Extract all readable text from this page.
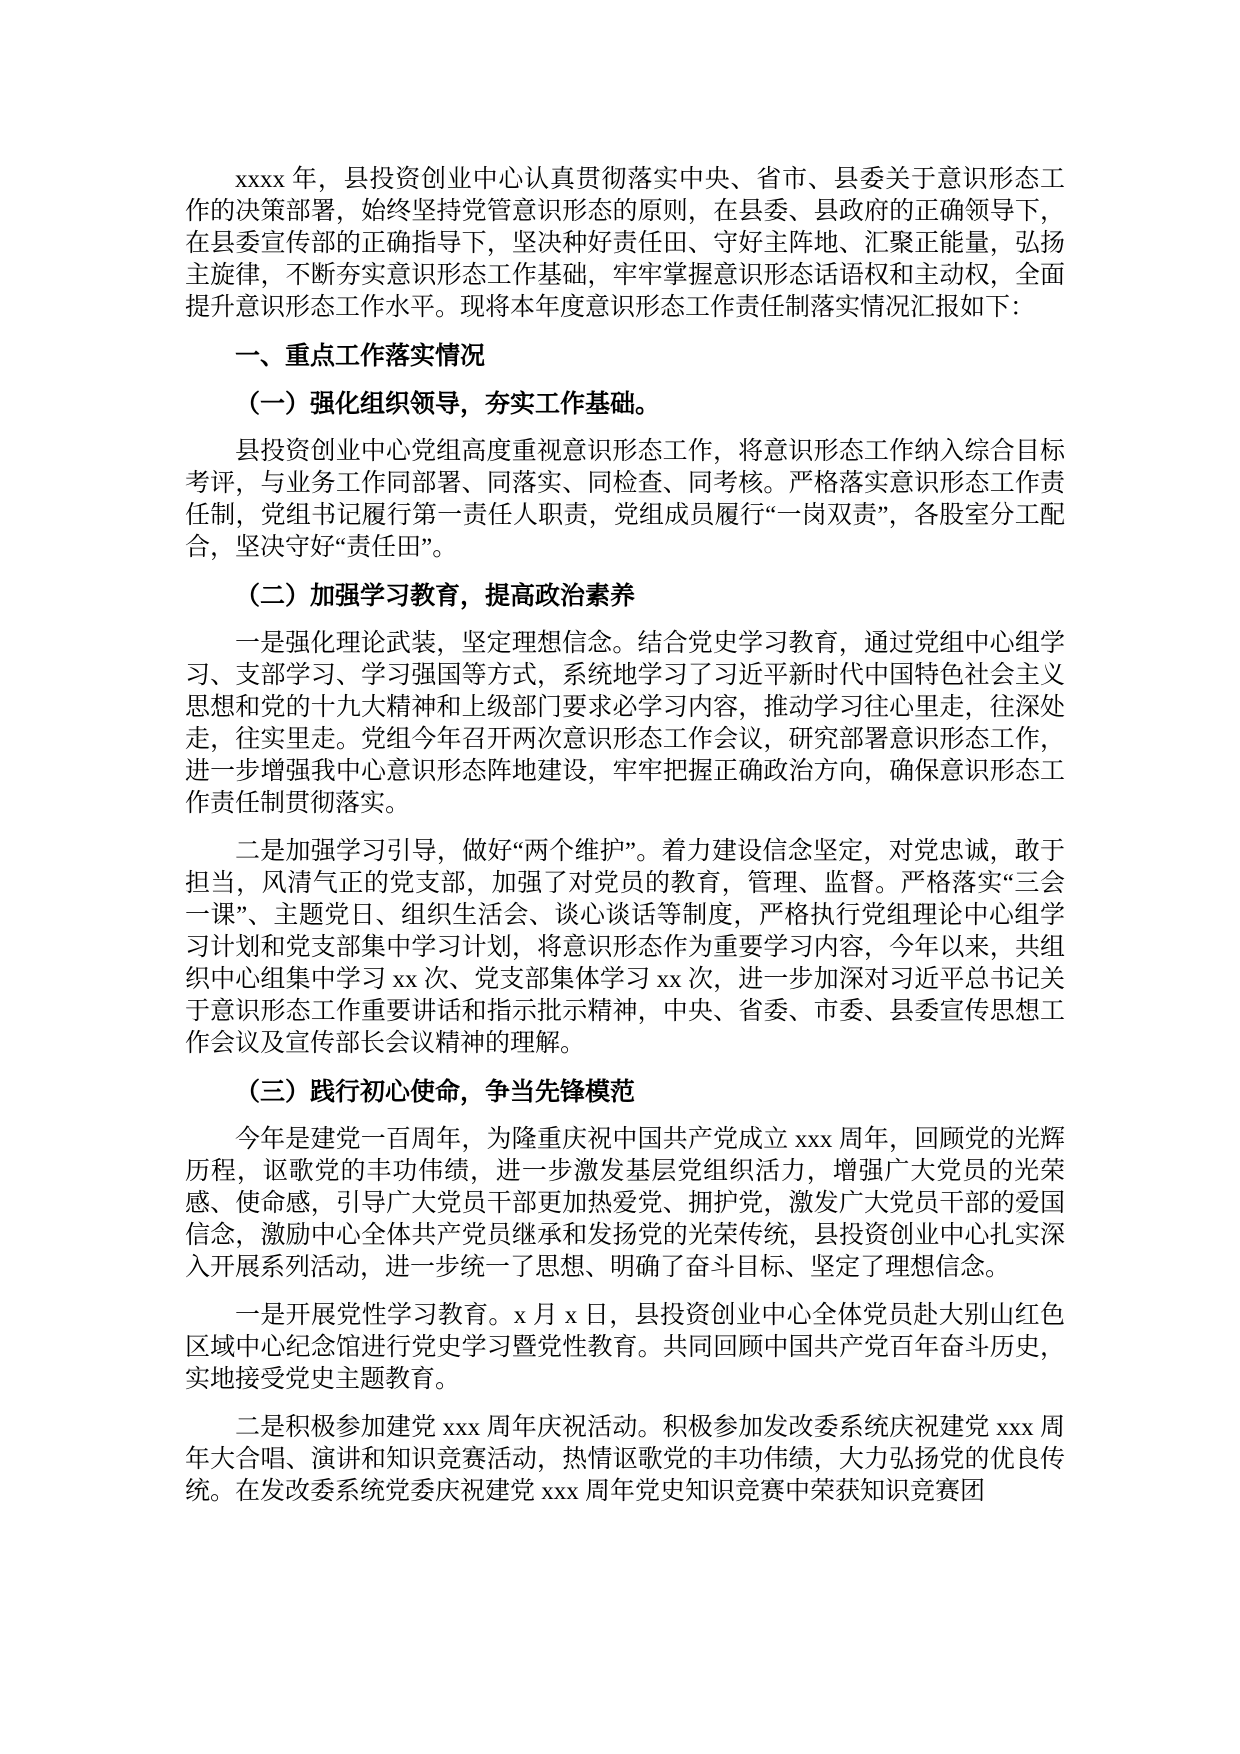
xxxx 年，县投资创业中心认真贯彻落实中央、省市、县委关于意识形态工作的决策部署，始终坚持党管意识形态的原则，在县委、县政府的正确领导下，在县委宣传部的正确指导下，坚决种好责任田、守好主阵地、汇聚正能量，弘扬主旋律，不断夯实意识形态工作基础，牢牢掌握意识形态话语权和主动权，全面提升意识形态工作水平。现将本年度意识形态工作责任制落实情况汇报如下：

一、重点工作落实情况
（一）强化组织领导，夯实工作基础。

县投资创业中心党组高度重视意识形态工作，将意识形态工作纳入综合目标考评，与业务工作同部署、同落实、同检查、同考核。严格落实意识形态工作责任制，党组书记履行第一责任人职责，党组成员履行“一岗双责”，各股室分工配合，坚决守好“责任田”。

（二）加强学习教育，提高政治素养

一是强化理论武装，坚定理想信念。结合党史学习教育，通过党组中心组学习、支部学习、学习强国等方式，系统地学习了习近平新时代中国特色社会主义思想和党的十九大精神和上级部门要求必学习内容，推动学习往心里走，往深处走，往实里走。党组今年召开两次意识形态工作会议，研究部署意识形态工作，进一步增强我中心意识形态阵地建设，牢牢把握正确政治方向，确保意识形态工作责任制贯彻落实。

二是加强学习引导，做好“两个维护”。着力建设信念坚定，对党忠诚，敢于担当，风清气正的党支部，加强了对党员的教育，管理、监督。严格落实“三会一课”、主题党日、组织生活会、谈心谈话等制度，严格执行党组理论中心组学习计划和党支部集中学习计划，将意识形态作为重要学习内容，今年以来，共组织中心组集中学习 xx 次、党支部集体学习 xx 次，进一步加深对习近平总书记关于意识形态工作重要讲话和指示批示精神，中央、省委、市委、县委宣传思想工作会议及宣传部长会议精神的理解。

（三）践行初心使命，争当先锋模范

今年是建党一百周年，为隆重庆祝中国共产党成立 xxx 周年，回顾党的光辉历程，讴歌党的丰功伟绩，进一步激发基层党组织活力，增强广大党员的光荣感、使命感，引导广大党员干部更加热爱党、拥护党，激发广大党员干部的爱国信念，激励中心全体共产党员继承和发扬党的光荣传统，县投资创业中心扎实深入开展系列活动，进一步统一了思想、明确了奋斗目标、坚定了理想信念。

一是开展党性学习教育。x 月 x 日，县投资创业中心全体党员赴大别山红色区域中心纪念馆进行党史学习暨党性教育。共同回顾中国共产党百年奋斗历史，实地接受党史主题教育。

二是积极参加建党 xxx 周年庆祝活动。积极参加发改委系统庆祝建党 xxx 周年大合唱、演讲和知识竞赛活动，热情讴歌党的丰功伟绩，大力弘扬党的优良传统。在发改委系统党委庆祝建党 xxx 周年党史知识竞赛中荣获知识竞赛团
